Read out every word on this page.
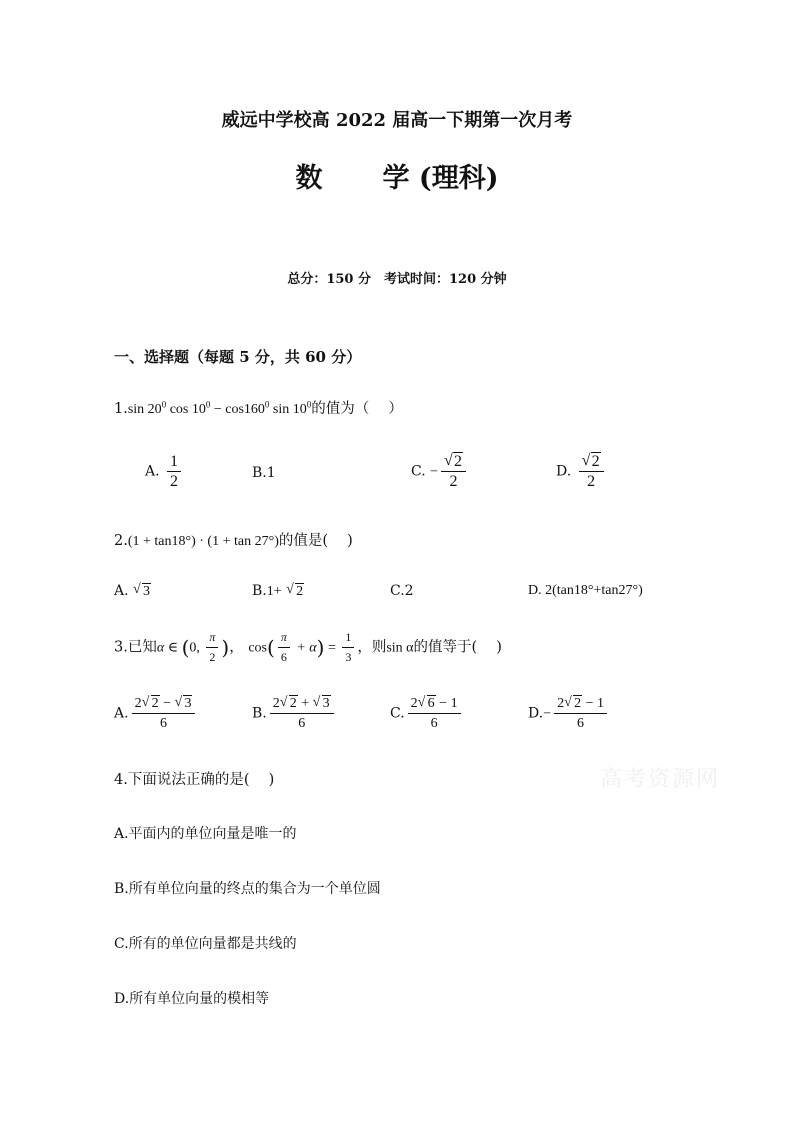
威远中学校高 2022 届高一下期第一次月考
数 学 (理科)
总分：150 分　考试时间：120 分钟
一、选择题（每题 5 分，共 60 分）
1.sin $20^0$ $\cos 10^0 - \cos 160^0$ $\sin 10^0$的值为（　 ）
A. $\frac{1}{2}$	B.1	C. − √ $\frac{2}{2}$	D. √ $\frac{2}{2}$
2.(1 + tan18°) · (1 + tan 27°)的值是(　 )
A. √ 3	B.1+ √ 2	C.2	D. 2(tan18°+tan27°)
3.已知α ∈ (0, $\frac{\pi}{2}$ )， $\cos( \frac{\pi}{6} + \alpha) = \frac{1}{3}$ ，则sin α的值等于(　 )
A. $\frac{2 √ 2 - √ 3}{6}$	B. $\frac{2 √ 2 + √ 3}{6}$	C. $\frac{2 √ 6 - 1}{6}$	$D.- \frac{2 √ 2 - 1}{6}$
4.下面说法正确的是(　 )
A.平面内的单位向量是唯一的
B.所有单位向量的终点的集合为一个单位圆
C.所有的单位向量都是共线的
D.所有单位向量的模相等
高考资源网
